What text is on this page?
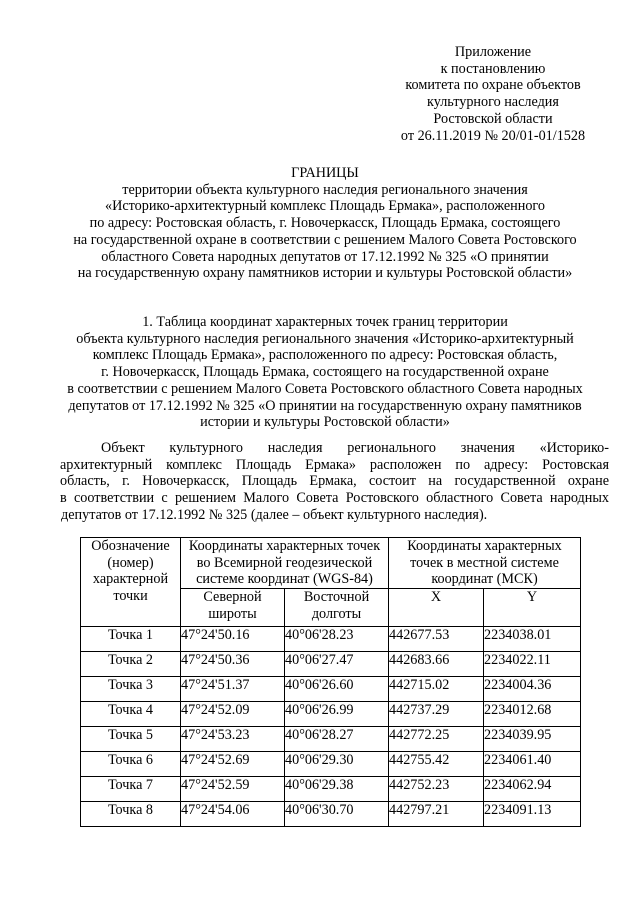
Приложение
к постановлению
комитета по охране объектов
культурного наследия
Ростовской области
от 26.11.2019 № 20/01-01/1528
ГРАНИЦЫ
территории объекта культурного наследия регионального значения
«Историко-архитектурный комплекс Площадь Ермака», расположенного
по адресу: Ростовская область, г. Новочеркасск, Площадь Ермака, состоящего
на государственной охране в соответствии с решением Малого Совета Ростовского
областного Совета народных депутатов от 17.12.1992 № 325 «О принятии
на государственную охрану памятников истории и культуры Ростовской области»
1. Таблица координат характерных точек границ территории
объекта культурного наследия регионального значения «Историко-архитектурный
комплекс Площадь Ермака», расположенного по адресу: Ростовская область,
г. Новочеркасск, Площадь Ермака, состоящего на государственной охране
в соответствии с решением Малого Совета Ростовского областного Совета народных
депутатов от 17.12.1992 № 325 «О принятии на государственную охрану памятников
истории и культуры Ростовской области»
Объект культурного наследия регионального значения «Историко-
архитектурный комплекс Площадь Ермака» расположен по адресу: Ростовская
область, г. Новочеркасск, Площадь Ермака, состоит на государственной охране
в соответствии с решением Малого Совета Ростовского областного Совета народных
депутатов от 17.12.1992 № 325 (далее – объект культурного наследия).
Обозначение (номер) характерной точки	Координаты характерных точек во Всемирной геодезической системе координат (WGS-84)		Координаты характерных точек в местной системе координат (МСК)	
	Северной широты	Восточной долготы	X	Y
Точка 1	47°24'50.16	40°06'28.23	442677.53	2234038.01
Точка 2	47°24'50.36	40°06'27.47	442683.66	2234022.11
Точка 3	47°24'51.37	40°06'26.60	442715.02	2234004.36
Точка 4	47°24'52.09	40°06'26.99	442737.29	2234012.68
Точка 5	47°24'53.23	40°06'28.27	442772.25	2234039.95
Точка 6	47°24'52.69	40°06'29.30	442755.42	2234061.40
Точка 7	47°24'52.59	40°06'29.38	442752.23	2234062.94
Точка 8	47°24'54.06	40°06'30.70	442797.21	2234091.13
